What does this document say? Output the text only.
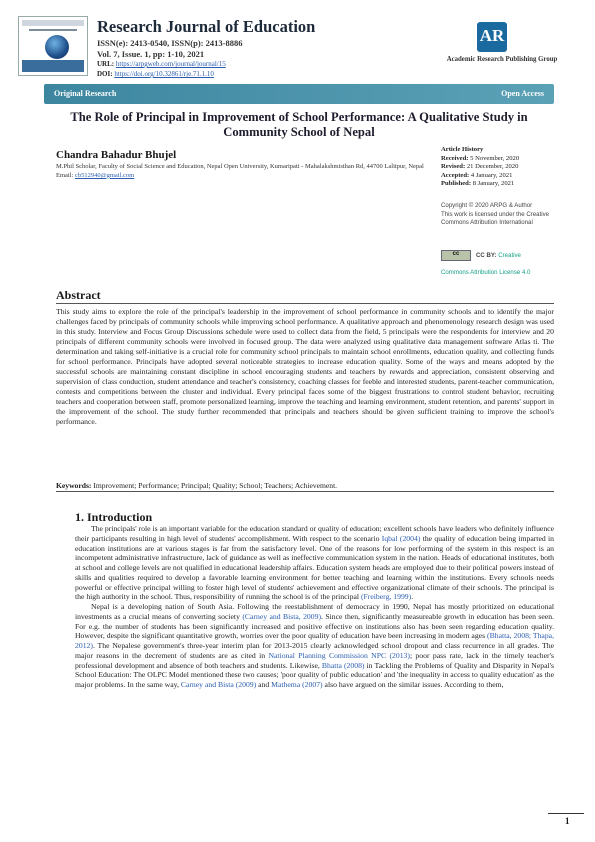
Research Journal of Education
ISSN(e): 2413-0540, ISSN(p): 2413-8886
Vol. 7, Issue. 1, pp: 1-10, 2021
URL: https://arpgweb.com/journal/journal/15
DOI: https://doi.org/10.32861/rje.71.1.10
AR
Academic Research Publishing Group
Original Research	Open Access
The Role of Principal in Improvement of School Performance: A Qualitative Study in Community School of Nepal
Chandra Bahadur Bhujel
M.Phil Scholar, Faculty of Social Science and Education, Nepal Open University, Kumaripati - Mahalakshmisthan Rd, 44700 Lalitpur, Nepal
Email: cb512940@gmail.com
Article History
Received: 5 November, 2020
Revised: 21 December, 2020
Accepted: 4 January, 2021
Published: 8 January, 2021
Copyright © 2020 ARPG & Author
This work is licensed under the Creative Commons Attribution International
cc	CC BY: Creative
Commons Attribution License 4.0
Abstract
This study aims to explore the role of the principal's leadership in the improvement of school performance in community schools and to identify the major challenges faced by principals of community schools while improving school performance. A qualitative approach and phenomenology research design was used in this study. Interview and Focus Group Discussions schedule were used to collect data from the field, 5 principals were the respondents for interview and 20 principals of different community schools were involved in focused group. The data were analyzed using qualitative data management software Atlas ti. The determination and taking self-initiative is a crucial role for community school principals to maintain school enrollments, education quality, and collecting funds for school performance. Principals have adopted several noticeable strategies to increase education quality. Some of the ways and means adopted by the successful schools are maintaining constant discipline in school encouraging students and teachers by rewards and appreciation, consistent observing and supervision of class conduction, student attendance and teacher's consistency, coaching classes for feeble and interested students, parent-teacher communication, contests and competitions between the cluster and individual. Every principal faces some of the biggest frustrations to control student behavior, recruiting teachers and cooperation between staff, promote personalized learning, improve the teaching and learning environment, student retention, and parents' support in the improvement of the school. The study further recommended that principals and teachers should be given sufficient training to improve the school's performance.
Keywords: Improvement; Performance; Principal; Quality; School; Teachers; Achievement.
1. Introduction

The principals' role is an important variable for the education standard or quality of education; excellent schools have leaders who definitely influence their participants resulting in high level of students' accomplishment. With respect to the scenario Iqbal (2004) the quality of education being imparted in education institutions are at various stages is far from the satisfactory level. One of the reasons for low performing of the system in this respect is an incompetent administrative infrastructure, lack of guidance as well as ineffective communication system in the nation. Heads of educational institutes, both at school and college levels are not qualified in educational leadership affairs. Education system heads are employed due to their political powers instead of skills and qualities required to develop a favorable learning environment for better teaching and learning within the institutions. Every schools needs powerful or effective principal willing to foster high level of students' achievement and effective organizational climate of their schools. The principal is the high authority in the school. Thus, responsibility of running the school is of the principal (Freiberg, 1999).

Nepal is a developing nation of South Asia. Following the reestablishment of democracy in 1990, Nepal has mostly prioritized on educational investments as a crucial means of converting society (Carney and Bista, 2009). Since then, significantly measureable growth in education has been seen. For e.g. the number of students has been significantly increased and positive effective on institutions also has been seen regarding education quality. However, despite the significant quantitative growth, worries over the poor quality of education have been increasing in modern ages (Bhatta, 2008; Thapa, 2012). The Nepalese government's three-year interim plan for 2013-2015 clearly acknowledged school dropout and class recurrence in all grades. The major reasons in the decrement of students are as cited in National Planning Commission NPC (2013); poor pass rate, lack in the timely teacher's professional development and absence of both teachers and students. Likewise, Bhatta (2008) in Tackling the Problems of Quality and Disparity in Nepal's School Education: The OLPC Model mentioned these two causes; 'poor quality of public education' and 'the inequality in access to quality education' as the major problems. In the same way, Carney and Bista (2009) and Mathema (2007) also have argued on the similar issues. According to them,

1
